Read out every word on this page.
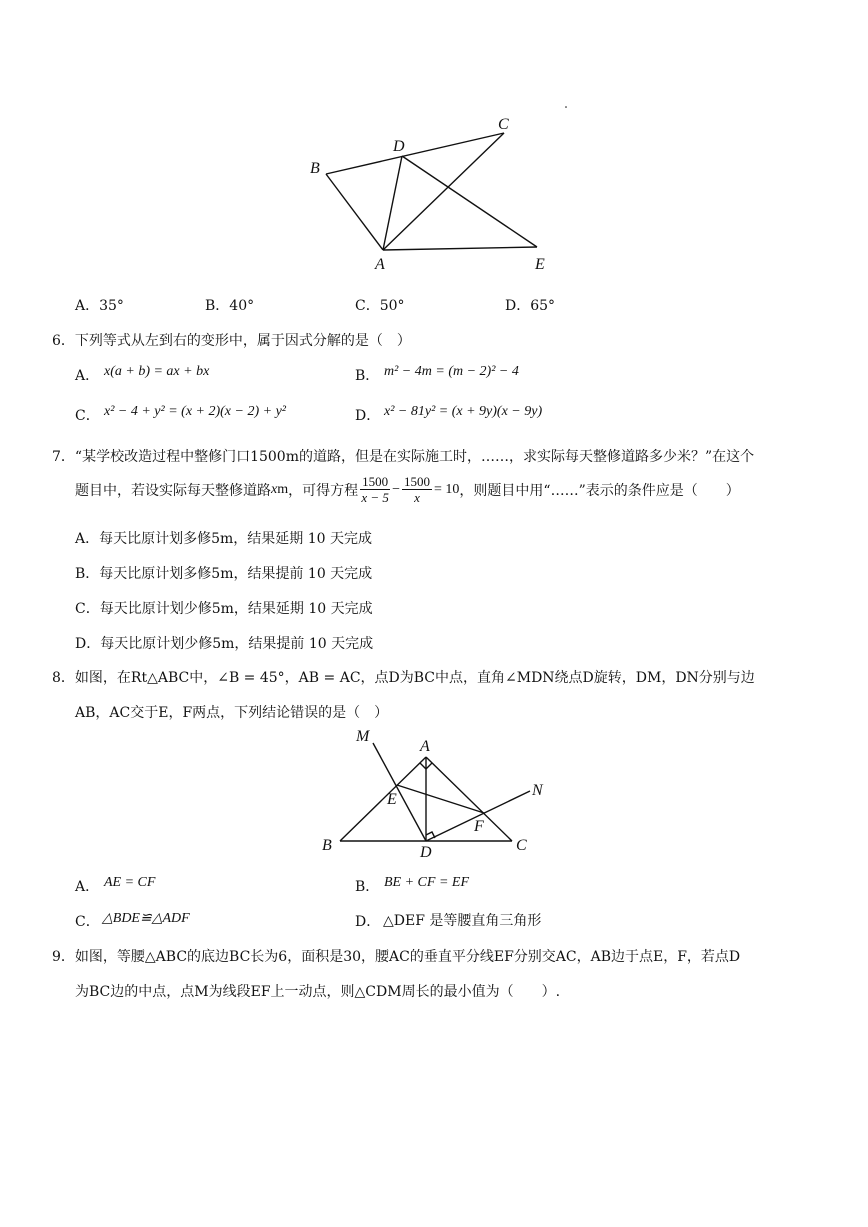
B
D
C
A	E
A．35°	B．40°	C．50°	D．65°
6．下列等式从左到右的变形中，属于因式分解的是（　）
A． x(a + b) = ax + bx	B． m² − 4m = (m − 2)² − 4
C． x² − 4 + y² = (x + 2)(x − 2) + y²	D． x² − 81y² = (x + 9y)(x − 9y)
7．“某学校改造过程中整修门口1500m的道路，但是在实际施工时，……，求实际每天整修道路多少米？”在这个
题目中，若设实际每天整修道路 x m ，可得方程 $\frac{1500}{x - 5} - \frac{1500}{x} = 10$ ，则题目中用“……”表示的条件应是（　　）
A．每天比原计划多修5m，结果延期 10 天完成
B．每天比原计划多修5m，结果提前 10 天完成
C．每天比原计划少修5m，结果延期 10 天完成
D．每天比原计划少修5m，结果提前 10 天完成
8．如图，在Rt△ABC中，∠B = 45°，AB = AC，点D为BC中点，直角∠MDN绕点D旋转，DM，DN分别与边
AB，AC交于E，F两点，下列结论错误的是（　）
M
A
N
E
F
B	D	C
A． AE = CF	B． BE + CF = EF
C． △BDE≌△ADF	D． △DEF 是等腰直角三角形
9．如图，等腰△ABC的底边BC长为6，面积是30，腰AC的垂直平分线EF分别交AC，AB边于点E，F，若点D
为BC边的中点，点M为线段EF上一动点，则△CDM周长的最小值为（　　）.
